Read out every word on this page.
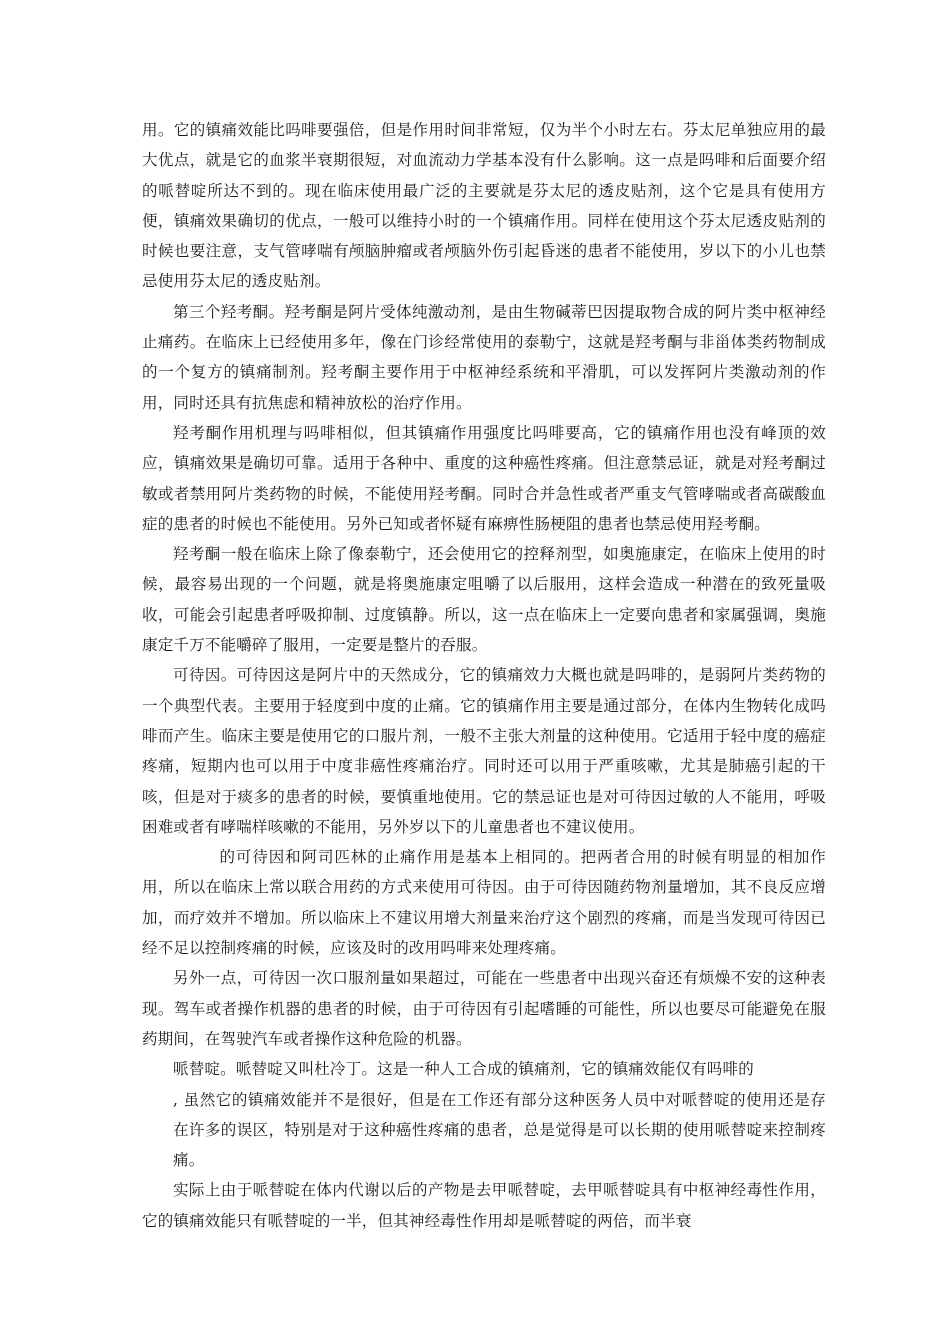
用。它的镇痛效能比吗啡要强倍，但是作用时间非常短，仅为半个小时左右。芬太尼单独应用的最大优点，就是它的血浆半衰期很短，对血流动力学基本没有什么影响。这一点是吗啡和后面要介绍的哌替啶所达不到的。现在临床使用最广泛的主要就是芬太尼的透皮贴剂，这个它是具有使用方便，镇痛效果确切的优点，一般可以维持小时的一个镇痛作用。同样在使用这个芬太尼透皮贴剂的时候也要注意，支气管哮喘有颅脑肿瘤或者颅脑外伤引起昏迷的患者不能使用，岁以下的小儿也禁忌使用芬太尼的透皮贴剂。

第三个羟考酮。羟考酮是阿片受体纯激动剂，是由生物碱蒂巴因提取物合成的阿片类中枢神经止痛药。在临床上已经使用多年，像在门诊经常使用的泰勒宁，这就是羟考酮与非甾体类药物制成的一个复方的镇痛制剂。羟考酮主要作用于中枢神经系统和平滑肌，可以发挥阿片类激动剂的作用，同时还具有抗焦虑和精神放松的治疗作用。

羟考酮作用机理与吗啡相似，但其镇痛作用强度比吗啡要高，它的镇痛作用也没有峰顶的效应，镇痛效果是确切可靠。适用于各种中、重度的这种癌性疼痛。但注意禁忌证，就是对羟考酮过敏或者禁用阿片类药物的时候，不能使用羟考酮。同时合并急性或者严重支气管哮喘或者高碳酸血症的患者的时候也不能使用。另外已知或者怀疑有麻痹性肠梗阻的患者也禁忌使用羟考酮。

羟考酮一般在临床上除了像泰勒宁，还会使用它的控释剂型，如奥施康定，在临床上使用的时候，最容易出现的一个问题，就是将奥施康定咀嚼了以后服用，这样会造成一种潜在的致死量吸收，可能会引起患者呼吸抑制、过度镇静。所以，这一点在临床上一定要向患者和家属强调，奥施康定千万不能嚼碎了服用，一定要是整片的吞服。

可待因。可待因这是阿片中的天然成分，它的镇痛效力大概也就是吗啡的，是弱阿片类药物的一个典型代表。主要用于轻度到中度的止痛。它的镇痛作用主要是通过部分，在体内生物转化成吗啡而产生。临床主要是使用它的口服片剂，一般不主张大剂量的这种使用。它适用于轻中度的癌症疼痛，短期内也可以用于中度非癌性疼痛治疗。同时还可以用于严重咳嗽，尤其是肺癌引起的干咳，但是对于痰多的患者的时候，要慎重地使用。它的禁忌证也是对可待因过敏的人不能用，呼吸困难或者有哮喘样咳嗽的不能用，另外岁以下的儿童患者也不建议使用。

的可待因和阿司匹林的止痛作用是基本上相同的。把两者合用的时候有明显的相加作用，所以在临床上常以联合用药的方式来使用可待因。由于可待因随药物剂量增加，其不良反应增加，而疗效并不增加。所以临床上不建议用增大剂量来治疗这个剧烈的疼痛，而是当发现可待因已经不足以控制疼痛的时候，应该及时的改用吗啡来处理疼痛。

另外一点，可待因一次口服剂量如果超过，可能在一些患者中出现兴奋还有烦燥不安的这种表现。驾车或者操作机器的患者的时候，由于可待因有引起嗜睡的可能性，所以也要尽可能避免在服药期间，在驾驶汽车或者操作这种危险的机器。

哌替啶。哌替啶又叫杜冷丁。这是一种人工合成的镇痛剂，它的镇痛效能仅有吗啡的

, 虽然它的镇痛效能并不是很好，但是在工作还有部分这种医务人员中对哌替啶的使用还是存在许多的误区，特别是对于这种癌性疼痛的患者，总是觉得是可以长期的使用哌替啶来控制疼痛。

实际上由于哌替啶在体内代谢以后的产物是去甲哌替啶，去甲哌替啶具有中枢神经毒性作用，它的镇痛效能只有哌替啶的一半，但其神经毒性作用却是哌替啶的两倍，而半衰
